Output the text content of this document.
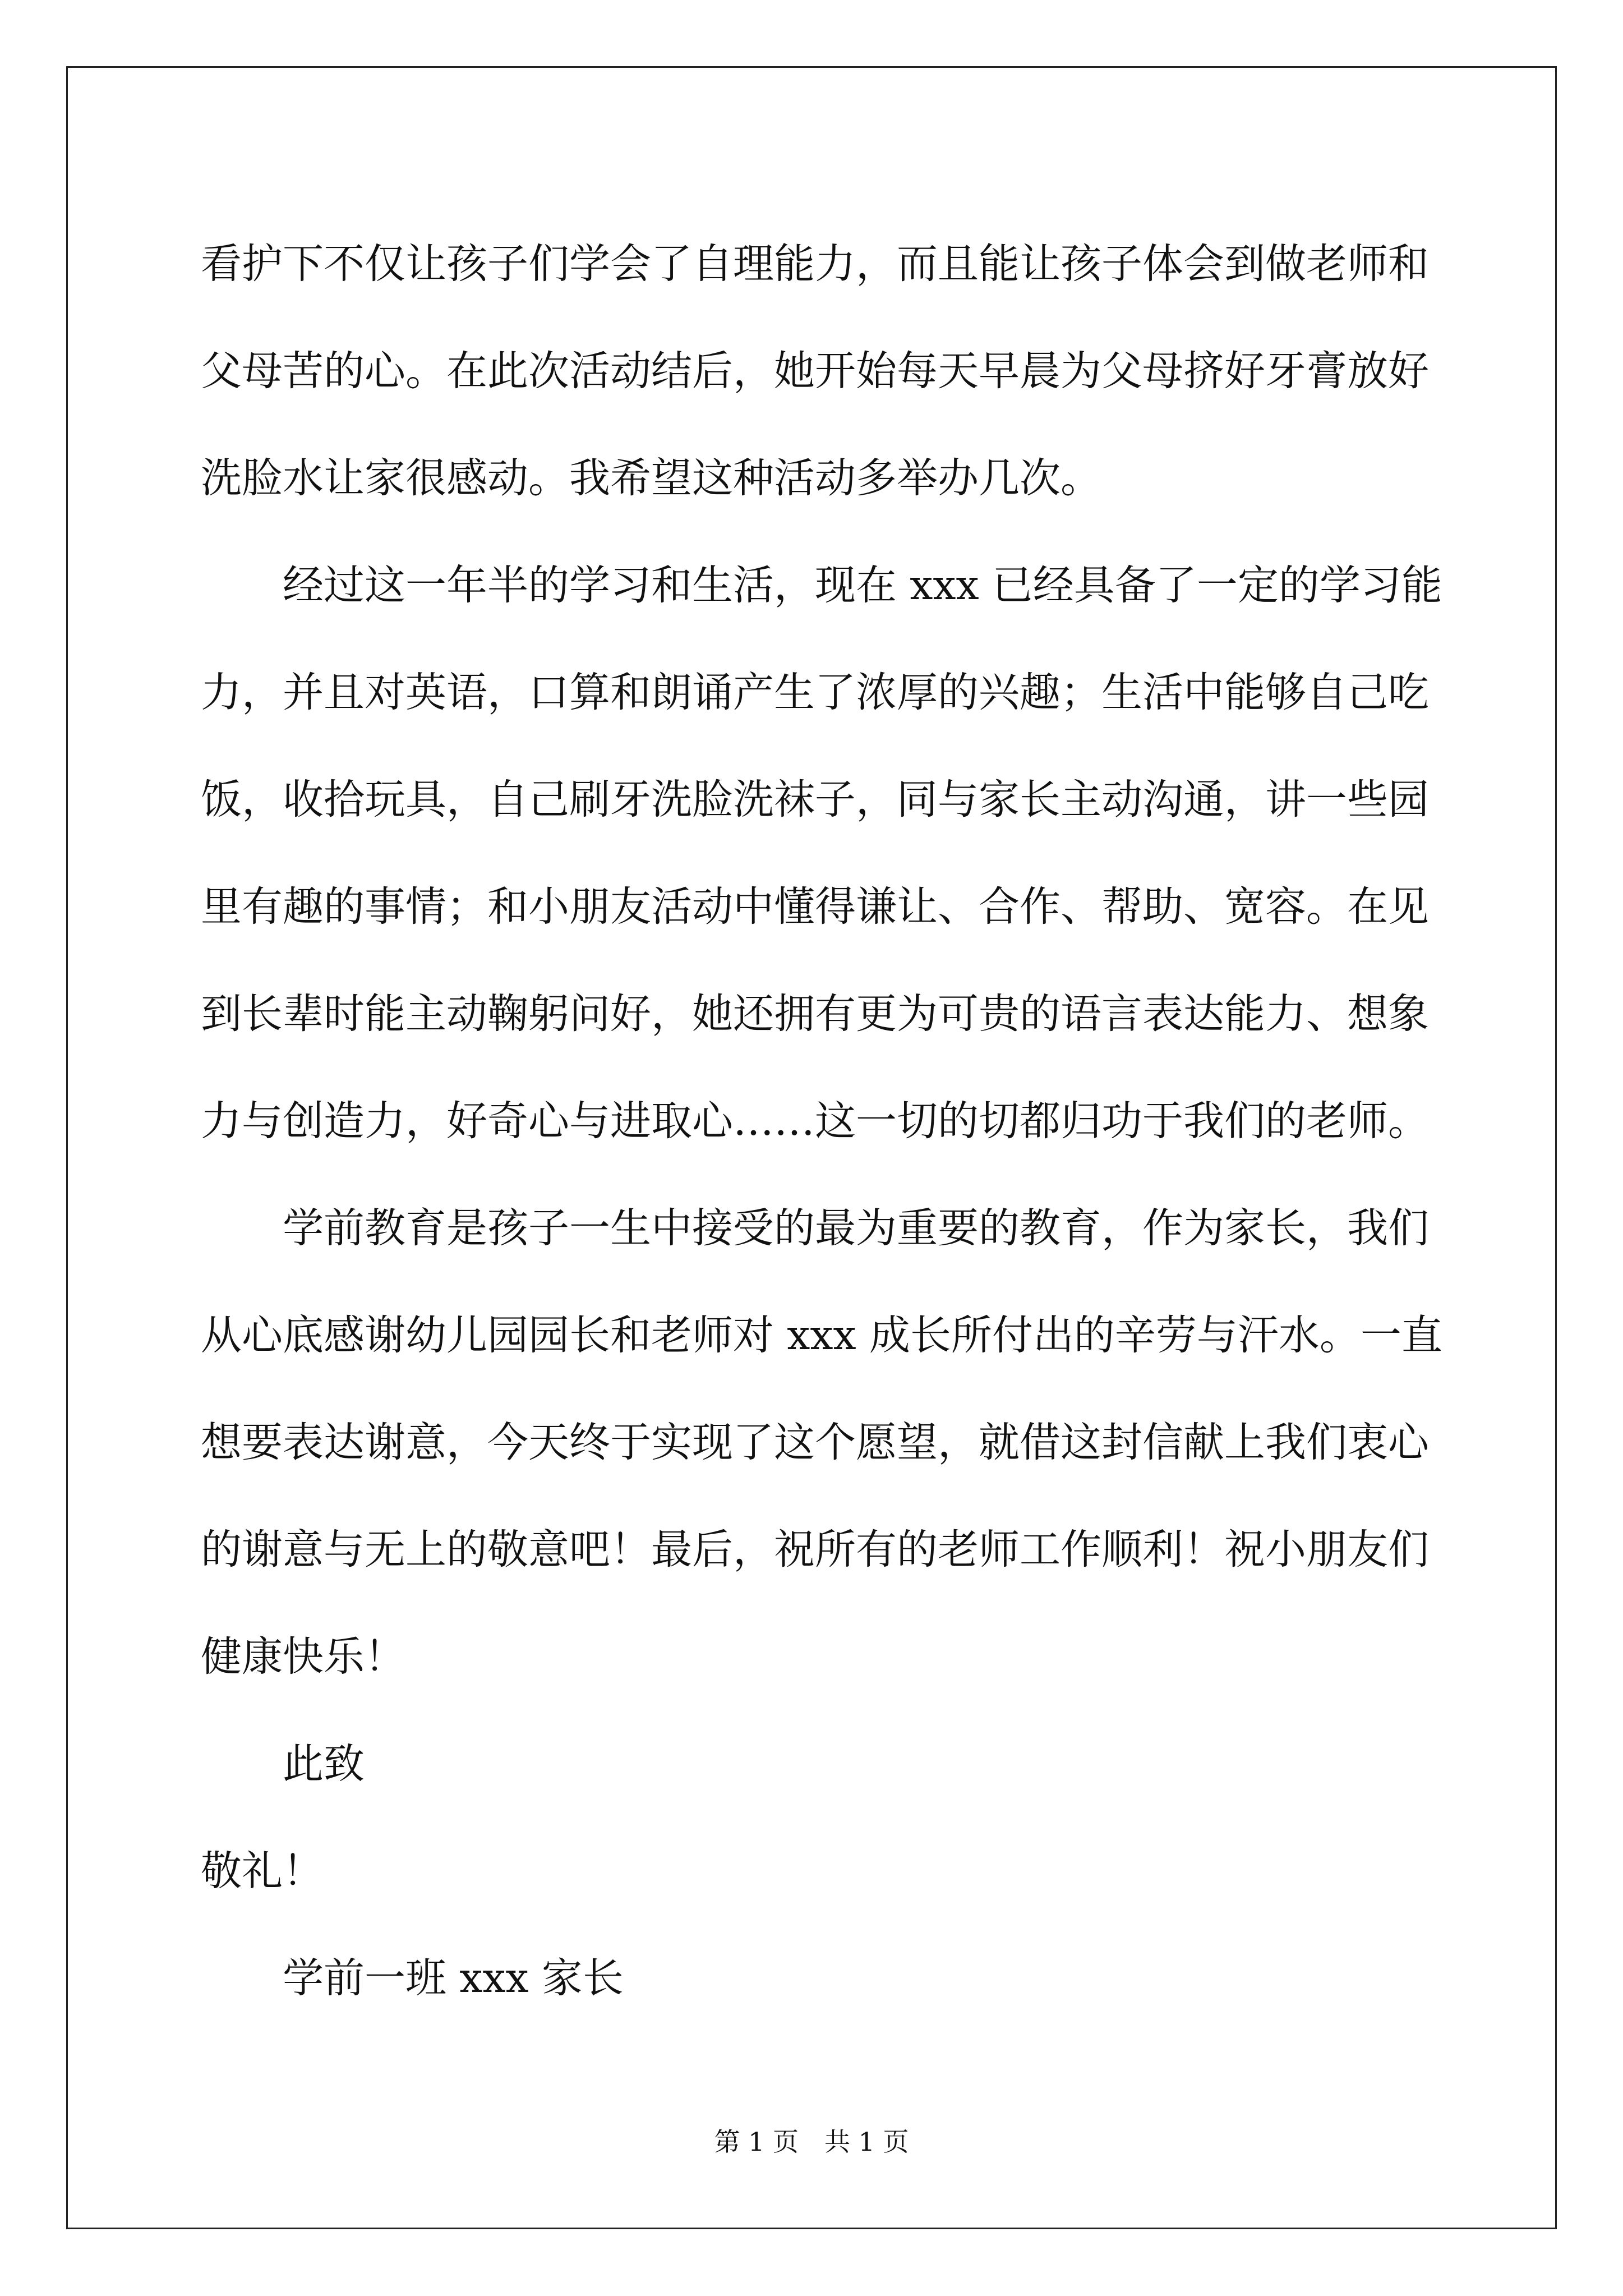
看护下不仅让孩子们学会了自理能力，而且能让孩子体会到做老师和
父母苦的心。在此次活动结后，她开始每天早晨为父母挤好牙膏放好
洗脸水让家很感动。我希望这种活动多举办几次。

经过这一年半的学习和生活，现在 xxx 已经具备了一定的学习能
力，并且对英语，口算和朗诵产生了浓厚的兴趣；生活中能够自己吃
饭，收拾玩具，自己刷牙洗脸洗袜子，同与家长主动沟通，讲一些园
里有趣的事情；和小朋友活动中懂得谦让、合作、帮助、宽容。在见
到长辈时能主动鞠躬问好，她还拥有更为可贵的语言表达能力、想象
力与创造力，好奇心与进取心……这一切的切都归功于我们的老师。

学前教育是孩子一生中接受的最为重要的教育，作为家长，我们
从心底感谢幼儿园园长和老师对 xxx 成长所付出的辛劳与汗水。一直
想要表达谢意，今天终于实现了这个愿望，就借这封信献上我们衷心
的谢意与无上的敬意吧！最后，祝所有的老师工作顺利！祝小朋友们
健康快乐！

此致

敬礼！

学前一班 xxx 家长

第 1 页　共 1 页
